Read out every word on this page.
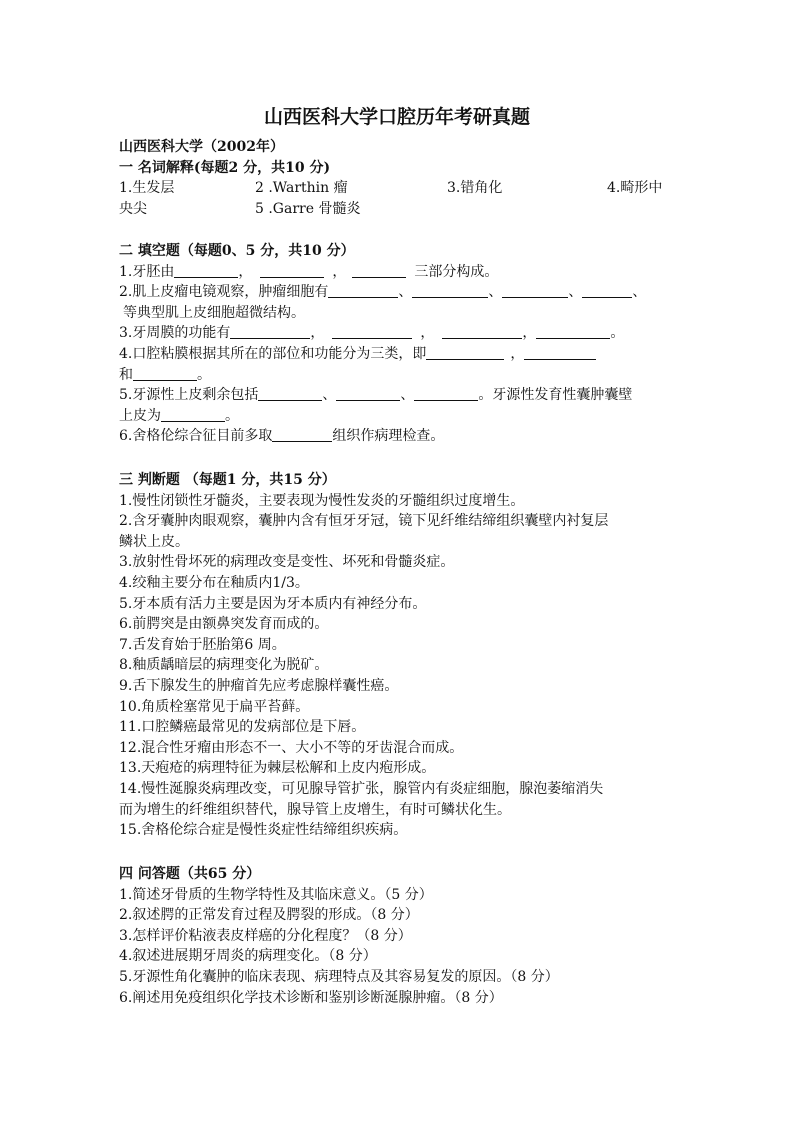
山西医科大学口腔历年考研真题
山西医科大学（2002年）
一 名词解释(每题2 分，共10 分)
1.生发层	2 .Warthin 瘤	3.错角化	4.畸形中
央尖	5 .Garre 骨髓炎
二 填空题（每题0、5 分，共10 分）
1.牙胚由	，	，	三部分构成。
2.肌上皮瘤电镜观察，肿瘤细胞有	、	、	、	、
等典型肌上皮细胞超微结构。
3.牙周膜的功能有	，	，	，	。
4.口腔粘膜根据其所在的部位和功能分为三类，即	，
和	。
5.牙源性上皮剩余包括	、	、	。牙源性发育性囊肿囊壁
上皮为	。
6.舍格伦综合征目前多取	组织作病理检查。
三 判断题 （每题1 分，共15 分）
1.慢性闭锁性牙髓炎，主要表现为慢性发炎的牙髓组织过度增生。
2.含牙囊肿肉眼观察，囊肿内含有恒牙牙冠，镜下见纤维结缔组织囊壁内衬复层
鳞状上皮。
3.放射性骨坏死的病理改变是变性、坏死和骨髓炎症。
4.绞釉主要分布在釉质内1/3。
5.牙本质有活力主要是因为牙本质内有神经分布。
6.前腭突是由额鼻突发育而成的。
7.舌发育始于胚胎第6 周。
8.釉质龋暗层的病理变化为脱矿。
9.舌下腺发生的肿瘤首先应考虑腺样囊性癌。
10.角质栓塞常见于扁平苔藓。
11.口腔鳞癌最常见的发病部位是下唇。
12.混合性牙瘤由形态不一、大小不等的牙齿混合而成。
13.天疱疮的病理特征为棘层松解和上皮内疱形成。
14.慢性涎腺炎病理改变，可见腺导管扩张，腺管内有炎症细胞，腺泡萎缩消失
而为增生的纤维组织替代，腺导管上皮增生，有时可鳞状化生。
15.舍格伦综合症是慢性炎症性结缔组织疾病。
四 问答题（共65 分）
1.简述牙骨质的生物学特性及其临床意义。（5 分）
2.叙述腭的正常发育过程及腭裂的形成。（8 分）
3.怎样评价粘液表皮样癌的分化程度？（8 分）
4.叙述进展期牙周炎的病理变化。（8 分）
5.牙源性角化囊肿的临床表现、病理特点及其容易复发的原因。（8 分）
6.阐述用免疫组织化学技术诊断和鉴别诊断涎腺肿瘤。（8 分）
